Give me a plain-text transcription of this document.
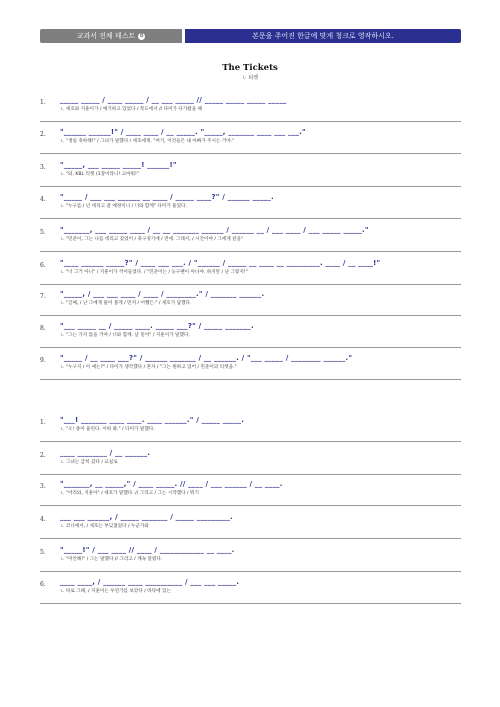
교과서 전체 테스트 B	본문을 주어진 한글에 맞게 청크로 영작하시오.
The Tickets
ㄴ 티켓
1. _____ _____ / ____ _____ / __ ___ _____ // _____ _____ _____ _____
ㄴ 세호와 지훈이가 / 얘기하고 있었다 / 복도에서 // 다미가 다가왔을 때
2. "______ ______!" / ____ ____ / __ _____. "_____, _______ ____ ___ ___."
ㄴ "생일 축하해!" / 그녀가 말했다 / 세호에게. "여기, 이것들은 내 아빠가 주시는 거야."
3. "_____, ___ _____ _____! ______!"
ㄴ "와, KBL 티켓 (1장이라니! 고마워!"
4. "_____ / ___ ___ ______ __ ____ / _____ ____?" / ______ _____.
ㄴ "누구를 / 넌 데리고 갈 예정이니 / 너와 함께" 다미가 물었다.
5. "_______, ___ _____ ____ / __ __ _______ ______ / ______ __ / ___ ____ / ___ _____ _____."
ㄴ "민준이, 그는 나를 데리고 갔었어 / 축구경기에 / 전에. 그래서, / 시간이야 / 그에게 갚을"
6. "____ ______ _____?" / ____ ___ ___. / "______ / _____ __ ____ __ _________. ____ / __ ____!"
ㄴ "너 그거 아니" / 지훈이가 끼어들었다. / "민준이는 / 농구팬이 아니야. 하지만 / 난 그렇지!"
7. "_____, / ___ ___ ____ / ____ / ________." / _______ ______.
ㄴ "글쎄, / 난 그에게 물어 볼게 / 먼저 / 어쨌든." / 세호가 답했다.
8. "___ _____ __ / _____ ____. _____ ___?" / _____ _______.
ㄴ "그는 가지 않을 거야 / 너와 함께. 날 믿어" / 지훈이가 말했다.
9. "_____ / __ ____ ___?" / ______ _______ / __ ______. / "___ _____ / ________ ______."
ㄴ "누구지 / 이 애는?" / 다미가 생각했다 / 혼자 / "그는 원하고 있어 / 민준이의 티켓을."
1. "___! _______ ____ ____. ____ ______." / _____ _____.
ㄴ "오! 종이 울린다. 이따 봐." / 다미가 말했다.
2. ____ ________ / __ ______.
ㄴ 그녀는 급히 갔다 / 교실로
3. "_______, __ _____," / ____ _____. // ____ / ___ ______ / __ ____.
ㄴ "어리와, 지훈아" / 세호가 말했다. // 그리고 / 그는 시작했다 / 뭐기
4. ___ ___ ______, / _____ _______ / _____ _________.
ㄴ 코너에서, / 세호는 부딪쳤었다 / 누군가와
5. "_____!" / ___ ____ // ____ / ____________ __ ____.
ㄴ "미안해!" / 그는 말했다 // 그리고 / 계속 달렸다.
6. ____ ____, / ______ ____ __________ / ___ ___ _____.
ㄴ 바로 그때, / 지훈이는 우연가를 보았다 / 바닥에 있는
